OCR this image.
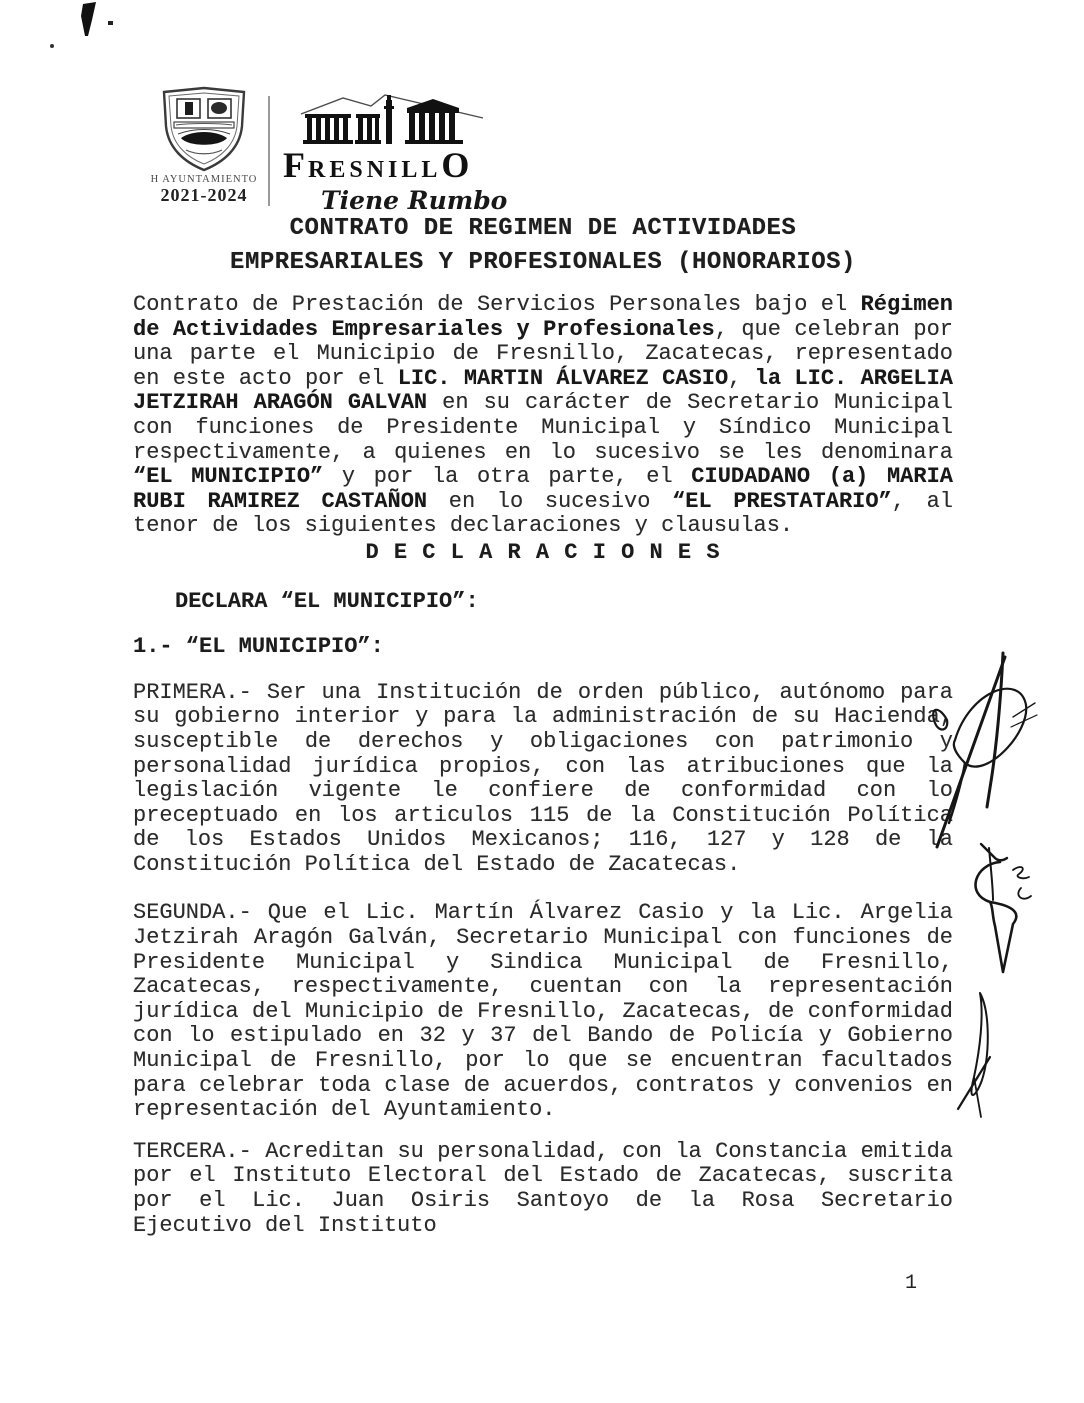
H AYUNTAMIENTO
2021-2024
FRESNILLO
Tiene Rumbo
CONTRATO DE REGIMEN DE ACTIVIDADES
EMPRESARIALES Y PROFESIONALES (HONORARIOS)

Contrato de Prestación de Servicios Personales bajo el Régimen de Actividades Empresariales y Profesionales, que celebran por una parte el Municipio de Fresnillo, Zacatecas, representado en este acto por el LIC. MARTIN ÁLVAREZ CASIO, la LIC. ARGELIA JETZIRAH ARAGÓN GALVAN en su carácter de Secretario Municipal con funciones de Presidente Municipal y Síndico Municipal respectivamente, a quienes en lo sucesivo se les denominara “EL MUNICIPIO” y por la otra parte, el CIUDADANO (a) MARIA RUBI RAMIREZ CASTAÑON en lo sucesivo “EL PRESTATARIO”, al tenor de los siguientes declaraciones y clausulas.

D E C L A R A C I O N E S

DECLARA “EL MUNICIPIO”:

1.- “EL MUNICIPIO”:

PRIMERA.- Ser una Institución de orden público, autónomo para su gobierno interior y para la administración de su Hacienda, susceptible de derechos y obligaciones con patrimonio y personalidad jurídica propios, con las atribuciones que la legislación vigente le confiere de conformidad con lo preceptuado en los articulos 115 de la Constitución Política de los Estados Unidos Mexicanos; 116, 127 y 128 de la Constitución Política del Estado de Zacatecas.

SEGUNDA.- Que el Lic. Martín Álvarez Casio y la Lic. Argelia Jetzirah Aragón Galván, Secretario Municipal con funciones de Presidente Municipal y Sindica Municipal de Fresnillo, Zacatecas, respectivamente, cuentan con la representación jurídica del Municipio de Fresnillo, Zacatecas, de conformidad con lo estipulado en 32 y 37 del Bando de Policía y Gobierno Municipal de Fresnillo, por lo que se encuentran facultados para celebrar toda clase de acuerdos, contratos y convenios en representación del Ayuntamiento.

TERCERA.- Acreditan su personalidad, con la Constancia emitida por el Instituto Electoral del Estado de Zacatecas, suscrita por el Lic. Juan Osiris Santoyo de la Rosa Secretario Ejecutivo del Instituto

1
